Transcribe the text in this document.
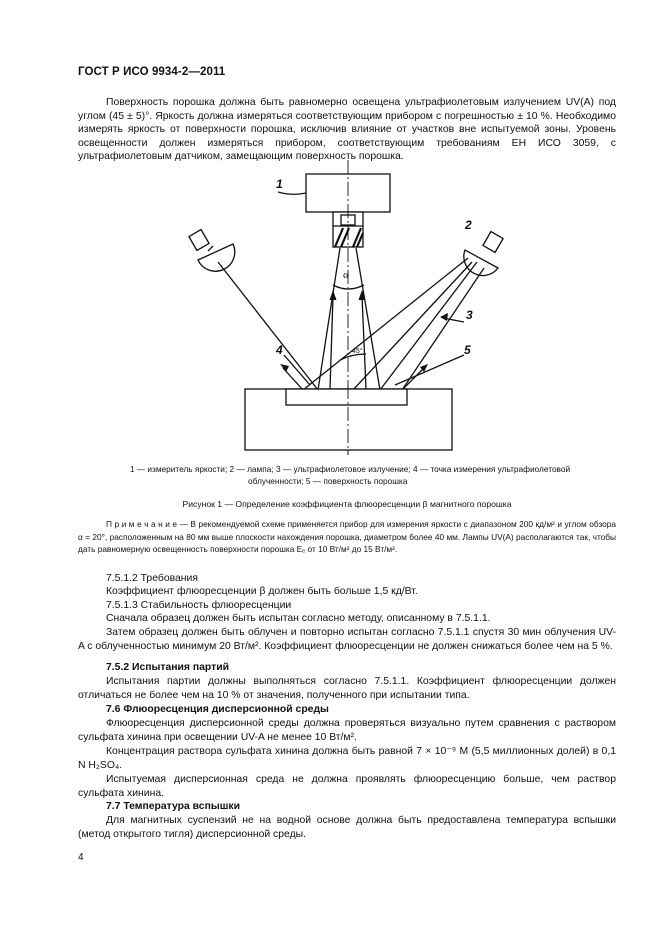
ГОСТ Р ИСО 9934-2—2011

Поверхность порошка должна быть равномерно освещена ультрафиолетовым излучением UV(A) под углом (45 ± 5)°. Яркость должна измеряться соответствующим прибором с погрешностью ± 10 %. Необходимо измерять яркость от поверхности порошка, исключив влияние от участков вне испытуемой зоны. Уровень освещенности должен измеряться прибором, соответствующим требованиям ЕН ИСО 3059, с ультрафиолетовым датчиком, замещающим поверхность порошка.

1
2
3
4	5
α
45°

1 — измеритель яркости; 2 — лампа; 3 — ультрафиолетовое излучение; 4 — точка измерения ультрафиолетовой

облученности; 5 — поверхность порошка

Рисунок 1 — Определение коэффициента флюоресценции β магнитного порошка

П р и м е ч а н и е — В рекомендуемой схеме применяется прибор для измерения яркости с диапазоном 200 кд/м² и углом обзора α = 20°, расположенным на 80 мм выше плоскости нахождения порошка, диаметром более 40 мм. Лампы UV(A) располагаются так, чтобы дать равномерную освещенность поверхности порошка Eₑ от 10 Вт/м² до 15 Вт/м².

7.5.1.2 Требования

Коэффициент флюоресценции β должен быть больше 1,5 кд/Вт.

7.5.1.3 Стабильность флюоресценции

Сначала образец должен быть испытан согласно методу, описанному в 7.5.1.1.

Затем образец должен быть облучен и повторно испытан согласно 7.5.1.1 спустя 30 мин облучения UV-A с облученностью минимум 20 Вт/м². Коэффициент флюоресценции не должен снижаться более чем на 5 %.

7.5.2 Испытания партий

Испытания партии должны выполняться согласно 7.5.1.1. Коэффициент флюоресценции должен отличаться не более чем на 10 % от значения, полученного при испытании типа.

7.6 Флюоресценция дисперсионной среды

Флюоресценция дисперсионной среды должна проверяться визуально путем сравнения с раствором сульфата хинина при освещении UV-A не менее 10 Вт/м².

Концентрация раствора сульфата хинина должна быть равной 7 × 10⁻⁹ М (5,5 миллионных долей) в 0,1 N H₂SO₄.

Испытуемая дисперсионная среда не должна проявлять флюоресценцию больше, чем раствор сульфата хинина.

7.7 Температура вспышки

Для магнитных суспензий не на водной основе должна быть предоставлена температура вспышки (метод открытого тигля) дисперсионной среды.

4
